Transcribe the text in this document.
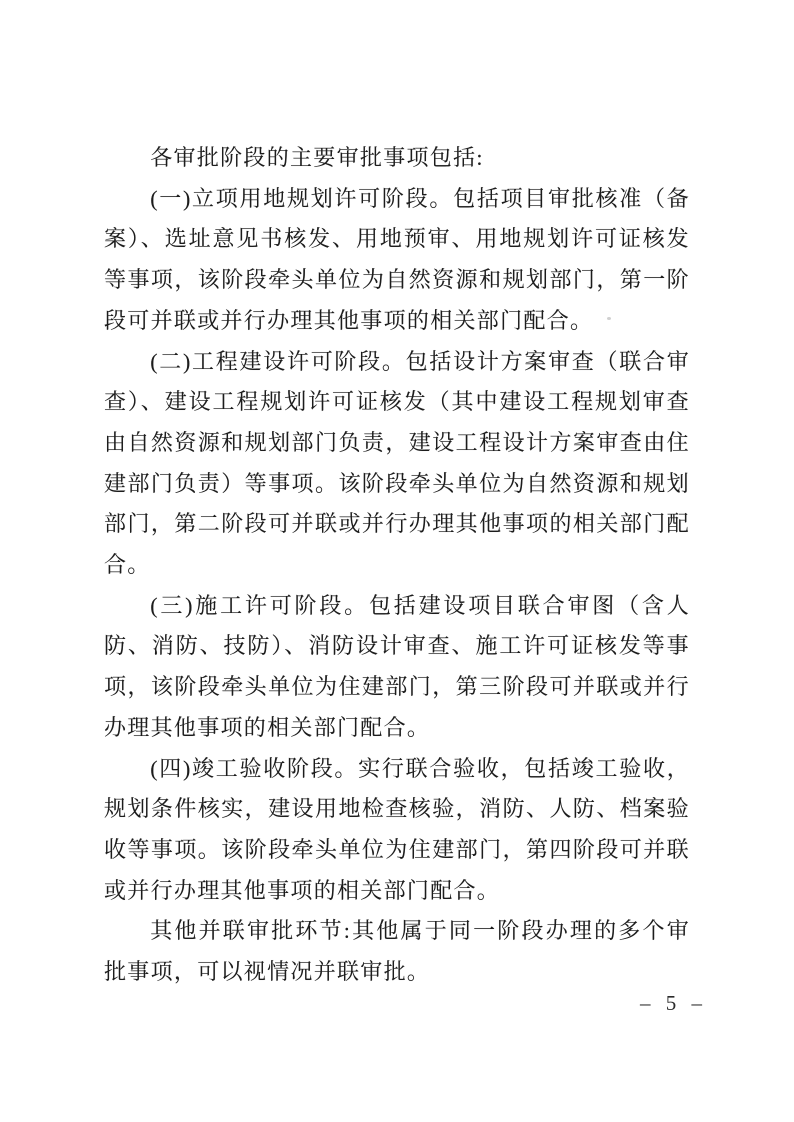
各审批阶段的主要审批事项包括:

(一)立项用地规划许可阶段。包括项目审批核准（备案）、选址意见书核发、用地预审、用地规划许可证核发等事项，该阶段牵头单位为自然资源和规划部门，第一阶段可并联或并行办理其他事项的相关部门配合。

(二)工程建设许可阶段。包括设计方案审查（联合审查）、建设工程规划许可证核发（其中建设工程规划审查由自然资源和规划部门负责，建设工程设计方案审查由住建部门负责）等事项。该阶段牵头单位为自然资源和规划部门，第二阶段可并联或并行办理其他事项的相关部门配合。

(三)施工许可阶段。包括建设项目联合审图（含人防、消防、技防）、消防设计审查、施工许可证核发等事项，该阶段牵头单位为住建部门，第三阶段可并联或并行办理其他事项的相关部门配合。

(四)竣工验收阶段。实行联合验收，包括竣工验收，规划条件核实，建设用地检查核验，消防、人防、档案验收等事项。该阶段牵头单位为住建部门，第四阶段可并联或并行办理其他事项的相关部门配合。

其他并联审批环节:其他属于同一阶段办理的多个审批事项，可以视情况并联审批。

– 5 –
